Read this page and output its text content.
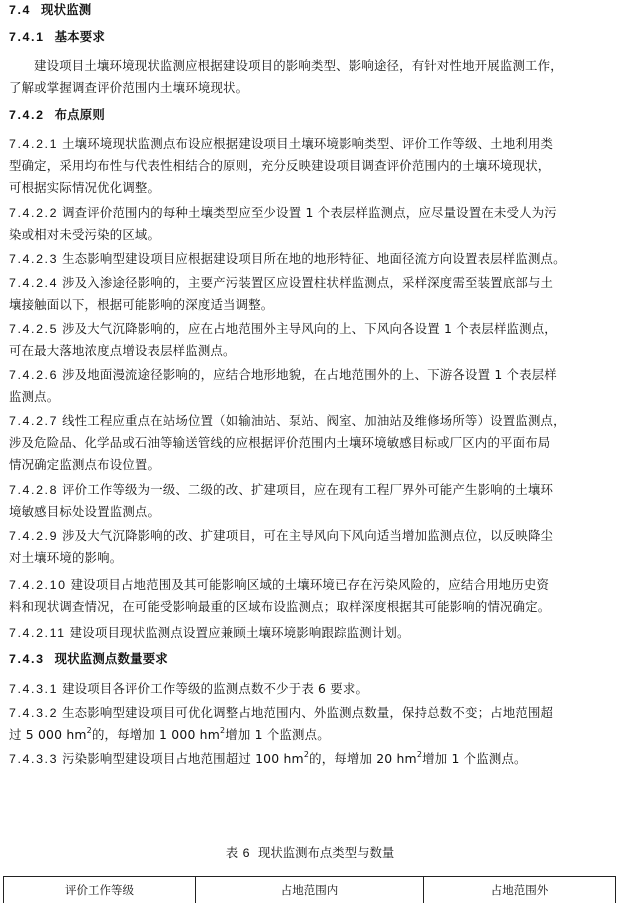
7.4 现状监测
7.4.1 基本要求
建设项目土壤环境现状监测应根据建设项目的影响类型、影响途径，有针对性地开展监测工作，
了解或掌握调查评价范围内土壤环境现状。
7.4.2 布点原则
7.4.2.1 土壤环境现状监测点布设应根据建设项目土壤环境影响类型、评价工作等级、土地利用类
型确定，采用均布性与代表性相结合的原则，充分反映建设项目调查评价范围内的土壤环境现状，
可根据实际情况优化调整。
7.4.2.2 调查评价范围内的每种土壤类型应至少设置 1 个表层样监测点，应尽量设置在未受人为污
染或相对未受污染的区域。
7.4.2.3 生态影响型建设项目应根据建设项目所在地的地形特征、地面径流方向设置表层样监测点。
7.4.2.4 涉及入渗途径影响的，主要产污装置区应设置柱状样监测点，采样深度需至装置底部与土
壤接触面以下，根据可能影响的深度适当调整。
7.4.2.5 涉及大气沉降影响的，应在占地范围外主导风向的上、下风向各设置 1 个表层样监测点，
可在最大落地浓度点增设表层样监测点。
7.4.2.6 涉及地面漫流途径影响的，应结合地形地貌，在占地范围外的上、下游各设置 1 个表层样
监测点。
7.4.2.7 线性工程应重点在站场位置（如输油站、泵站、阀室、加油站及维修场所等）设置监测点，
涉及危险品、化学品或石油等输送管线的应根据评价范围内土壤环境敏感目标或厂区内的平面布局
情况确定监测点布设位置。
7.4.2.8 评价工作等级为一级、二级的改、扩建项目，应在现有工程厂界外可能产生影响的土壤环
境敏感目标处设置监测点。
7.4.2.9 涉及大气沉降影响的改、扩建项目，可在主导风向下风向适当增加监测点位，以反映降尘
对土壤环境的影响。
7.4.2.10 建设项目占地范围及其可能影响区域的土壤环境已存在污染风险的，应结合用地历史资
料和现状调查情况，在可能受影响最重的区域布设监测点；取样深度根据其可能影响的情况确定。
7.4.2.11 建设项目现状监测点设置应兼顾土壤环境影响跟踪监测计划。
7.4.3 现状监测点数量要求
7.4.3.1 建设项目各评价工作等级的监测点数不少于表 6 要求。
7.4.3.2 生态影响型建设项目可优化调整占地范围内、外监测点数量，保持总数不变；占地范围超
过 5 000 $hm^2$的，每增加 1 000 $hm^2$增加 1 个监测点。
7.4.3.3 污染影响型建设项目占地范围超过 100 $hm^2$的，每增加 20 $hm^2$增加 1 个监测点。
表 6 现状监测布点类型与数量
评价工作等级	占地范围内	占地范围外
